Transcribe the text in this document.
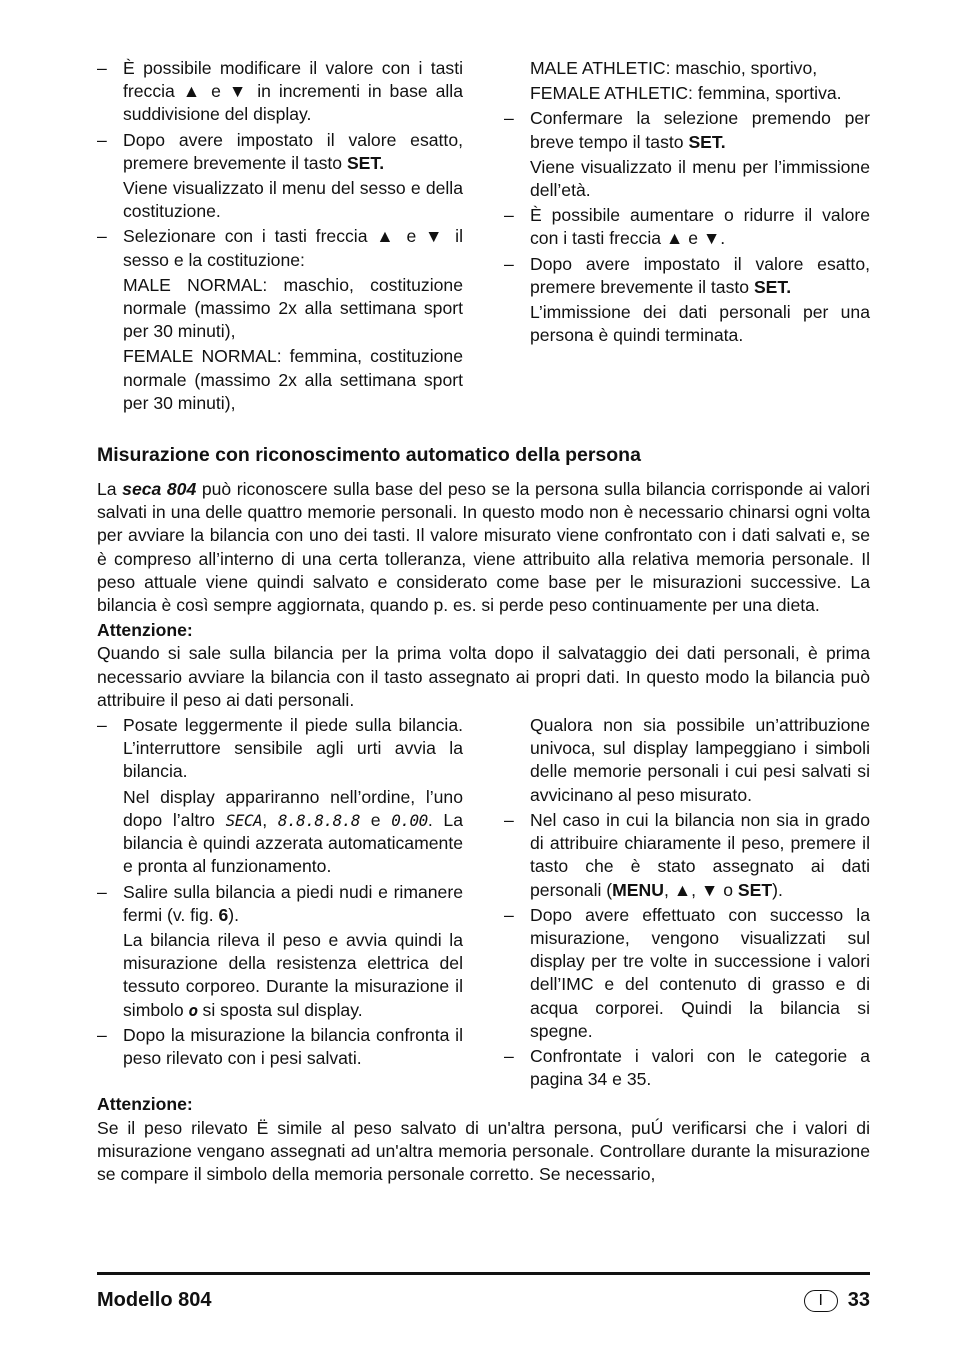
– È possibile modificare il valore con i tasti freccia ▲ e ▼ in incrementi in base alla suddivisione del display.

– Dopo avere impostato il valore esatto, premere brevemente il tasto SET.

Viene visualizzato il menu del sesso e della costituzione.

– Selezionare con i tasti freccia ▲ e ▼ il sesso e la costituzione:

MALE NORMAL: maschio, costituzione normale (massimo 2x alla settimana sport per 30 minuti),

FEMALE NORMAL: femmina, costituzione normale (massimo 2x alla settimana sport per 30 minuti),

MALE ATHLETIC: maschio, sportivo,

FEMALE ATHLETIC: femmina, sportiva.

– Confermare la selezione premendo per breve tempo il tasto SET.

Viene visualizzato il menu per l’immissione dell’età.

– È possibile aumentare o ridurre il valore con i tasti freccia ▲ e ▼.

– Dopo avere impostato il valore esatto, premere brevemente il tasto SET.

L’immissione dei dati personali per una persona è quindi terminata.

Misurazione con riconoscimento automatico della persona

La seca 804 può riconoscere sulla base del peso se la persona sulla bilancia corrisponde ai valori salvati in una delle quattro memorie personali. In questo modo non è necessario chinarsi ogni volta per avviare la bilancia con uno dei tasti. Il valore misurato viene confrontato con i dati salvati e, se è compreso all’interno di una certa tolleranza, viene attribuito alla relativa memoria personale. Il peso attuale viene quindi salvato e considerato come base per le misurazioni successive. La bilancia è così sempre aggiornata, quando p. es. si perde peso continuamente per una dieta.

Attenzione:

Quando si sale sulla bilancia per la prima volta dopo il salvataggio dei dati personali, è prima necessario avviare la bilancia con il tasto assegnato ai propri dati. In questo modo la bilancia può attribuire il peso ai dati personali.

– Posate leggermente il piede sulla bilancia. L’interruttore sensibile agli urti avvia la bilancia.

Nel display appariranno nell’ordine, l’uno dopo l’altro SECA, 8.8.8.8.8 e 0.00. La bilancia è quindi azzerata automaticamente e pronta al funzionamento.

– Salire sulla bilancia a piedi nudi e rimanere fermi (v. fig. 6).

La bilancia rileva il peso e avvia quindi la misurazione della resistenza elettrica del tessuto corporeo. Durante la misurazione il simbolo o si sposta sul display.

– Dopo la misurazione la bilancia confronta il peso rilevato con i pesi salvati.

Qualora non sia possibile un’attribuzione univoca, sul display lampeggiano i simboli delle memorie personali i cui pesi salvati si avvicinano al peso misurato.

– Nel caso in cui la bilancia non sia in grado di attribuire chiaramente il peso, premere il tasto che è stato assegnato ai dati personali (MENU, ▲, ▼ o SET).

– Dopo avere effettuato con successo la misurazione, vengono visualizzati sul display per tre volte in successione i valori dell’IMC e del contenuto di grasso e di acqua corporei. Quindi la bilancia si spegne.

– Confrontate i valori con le categorie a pagina 34 e 35.

Attenzione:

Se il peso rilevato Ë simile al peso salvato di un'altra persona, puÚ verificarsi che i valori di misurazione vengano assegnati ad un'altra memoria personale. Controllare durante la misurazione se compare il simbolo della memoria personale corretto. Se necessario,

Modello 804	I 33
